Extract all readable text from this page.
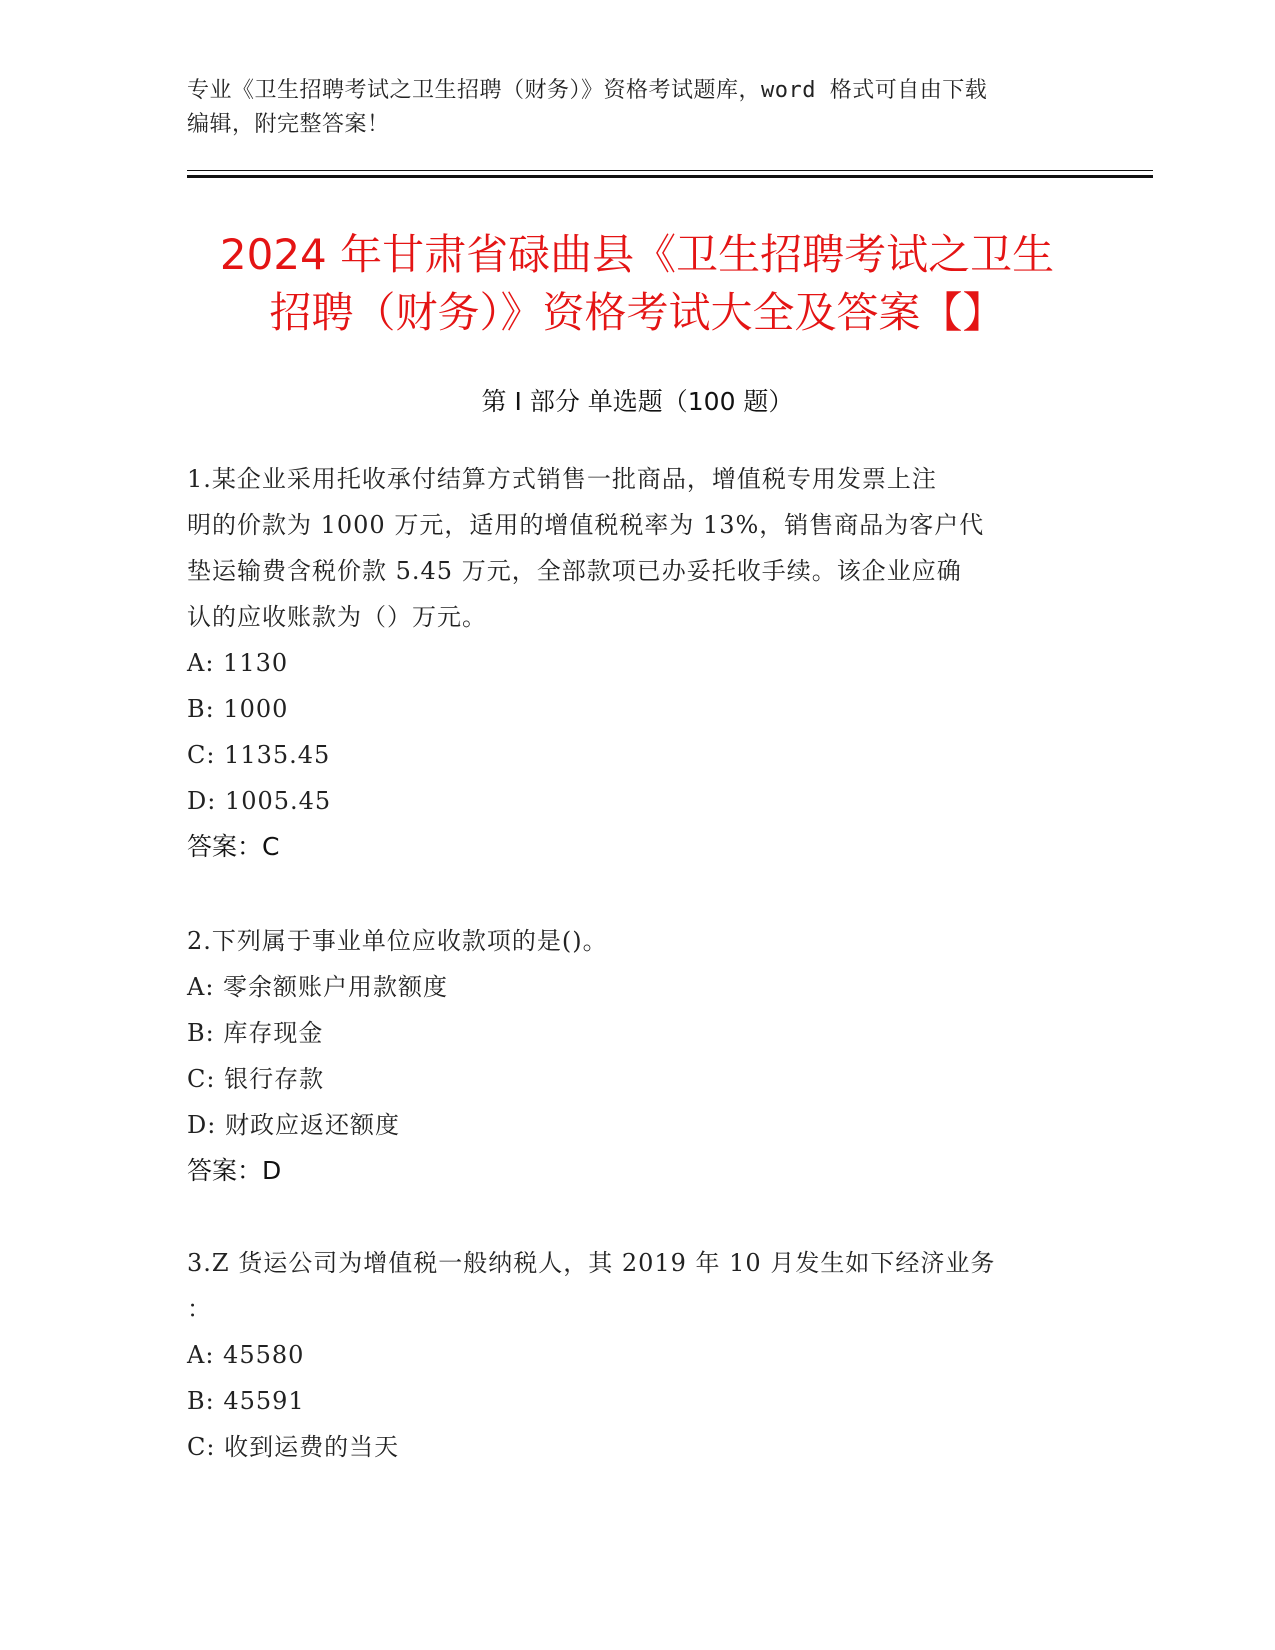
专业《卫生招聘考试之卫生招聘（财务）》资格考试题库，word 格式可自由下载
编辑，附完整答案！
2024 年甘肃省碌曲县《卫生招聘考试之卫生
招聘（财务）》资格考试大全及答案【】
第 I 部分 单选题（100 题）
1.某企业采用托收承付结算方式销售一批商品，增值税专用发票上注
明的价款为 1000 万元，适用的增值税税率为 13%，销售商品为客户代
垫运输费含税价款 5.45 万元，全部款项已办妥托收手续。该企业应确
认的应收账款为（）万元。
A: 1130
B: 1000
C: 1135.45
D: 1005.45
答案：C
2.下列属于事业单位应收款项的是()。
A: 零余额账户用款额度
B: 库存现金
C: 银行存款
D: 财政应返还额度
答案：D
3.Z 货运公司为增值税一般纳税人，其 2019 年 10 月发生如下经济业务
：
A: 45580
B: 45591
C: 收到运费的当天
